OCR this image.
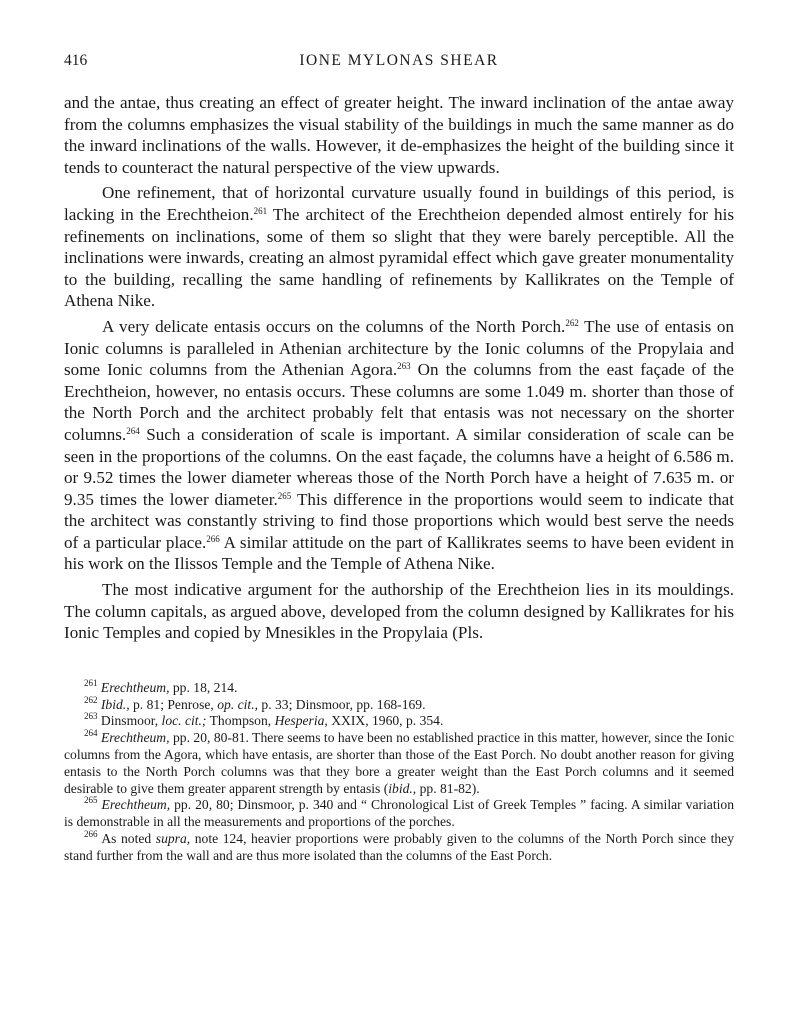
416	IONE MYLONAS SHEAR

and the antae, thus creating an effect of greater height. The inward inclination of the antae away from the columns emphasizes the visual stability of the buildings in much the same manner as do the inward inclinations of the walls. However, it de-emphasizes the height of the building since it tends to counteract the natural perspective of the view upwards.

One refinement, that of horizontal curvature usually found in buildings of this period, is lacking in the Erechtheion.$^{261}$ The architect of the Erechtheion depended almost entirely for his refinements on inclinations, some of them so slight that they were barely perceptible. All the inclinations were inwards, creating an almost pyramidal effect which gave greater monumentality to the building, recalling the same handling of refinements by Kallikrates on the Temple of Athena Nike.

A very delicate entasis occurs on the columns of the North Porch.$^{262}$ The use of entasis on Ionic columns is paralleled in Athenian architecture by the Ionic columns of the Propylaia and some Ionic columns from the Athenian Agora.$^{263}$ On the columns from the east façade of the Erechtheion, however, no entasis occurs. These columns are some 1.049 m. shorter than those of the North Porch and the architect probably felt that entasis was not necessary on the shorter columns.$^{264}$ Such a consideration of scale is important. A similar consideration of scale can be seen in the proportions of the columns. On the east façade, the columns have a height of 6.586 m. or 9.52 times the lower diameter whereas those of the North Porch have a height of 7.635 m. or 9.35 times the lower diameter.$^{265}$ This difference in the proportions would seem to indicate that the architect was constantly striving to find those proportions which would best serve the needs of a particular place.$^{266}$ A similar attitude on the part of Kallikrates seems to have been evident in his work on the Ilissos Temple and the Temple of Athena Nike.

The most indicative argument for the authorship of the Erechtheion lies in its mouldings. The column capitals, as argued above, developed from the column designed by Kallikrates for his Ionic Temples and copied by Mnesikles in the Propylaia (Pls.

$^{261}$ Erechtheum, pp. 18, 214.

$^{262}$ Ibid., p. 81; Penrose, op. cit., p. 33; Dinsmoor, pp. 168-169.

$^{263}$ Dinsmoor, loc. cit.; Thompson, Hesperia, XXIX, 1960, p. 354.

$^{264}$ Erechtheum, pp. 20, 80-81. There seems to have been no established practice in this matter, however, since the Ionic columns from the Agora, which have entasis, are shorter than those of the East Porch. No doubt another reason for giving entasis to the North Porch columns was that they bore a greater weight than the East Porch columns and it seemed desirable to give them greater apparent strength by entasis (ibid., pp. 81-82).

$^{265}$ Erechtheum, pp. 20, 80; Dinsmoor, p. 340 and “ Chronological List of Greek Temples ” facing. A similar variation is demonstrable in all the measurements and proportions of the porches.

$^{266}$ As noted supra, note 124, heavier proportions were probably given to the columns of the North Porch since they stand further from the wall and are thus more isolated than the columns of the East Porch.
